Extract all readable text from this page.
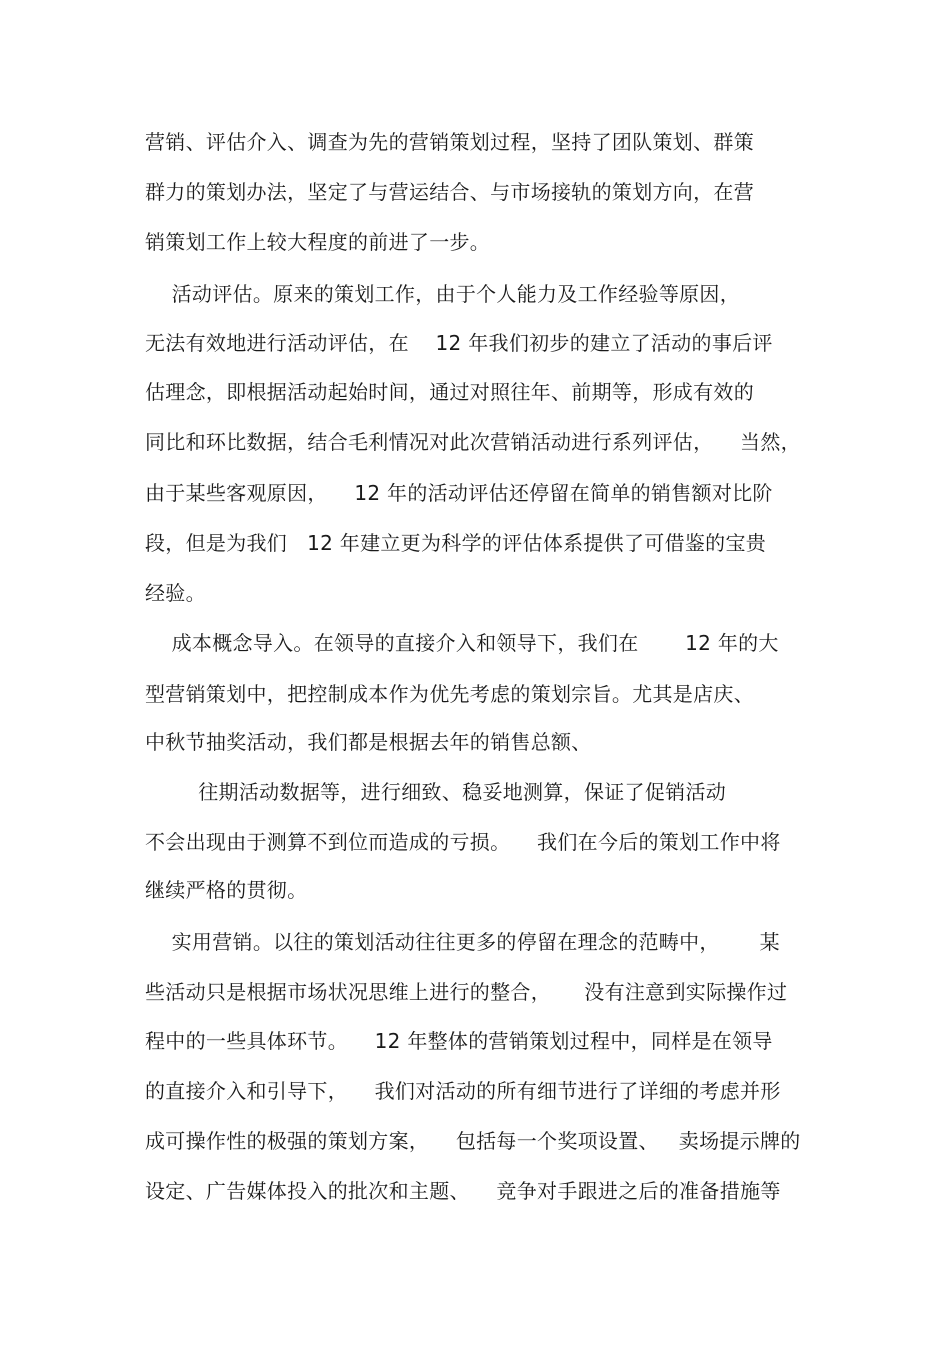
营销、评估介入、调查为先的营销策划过程，坚持了团队策划、群策
群力的策划办法，坚定了与营运结合、与市场接轨的策划方向，在营
销策划工作上较大程度的前进了一步。
活动评估。原来的策划工作，由于个人能力及工作经验等原因，
无法有效地进行活动评估，在    12 年我们初步的建立了活动的事后评
估理念，即根据活动起始时间，通过对照往年、前期等，形成有效的
同比和环比数据，结合毛利情况对此次营销活动进行系列评估，    当然，
由于某些客观原因，    12 年的活动评估还停留在简单的销售额对比阶
段，但是为我们   12 年建立更为科学的评估体系提供了可借鉴的宝贵
经验。
成本概念导入。在领导的直接介入和领导下，我们在       12 年的大
型营销策划中，把控制成本作为优先考虑的策划宗旨。尤其是店庆、
中秋节抽奖活动，我们都是根据去年的销售总额、
往期活动数据等，进行细致、稳妥地测算，保证了促销活动
不会出现由于测算不到位而造成的亏损。    我们在今后的策划工作中将
继续严格的贯彻。
实用营销。以往的策划活动往往更多的停留在理念的范畴中，      某
些活动只是根据市场状况思维上进行的整合，     没有注意到实际操作过
程中的一些具体环节。    12 年整体的营销策划过程中，同样是在领导
的直接介入和引导下，    我们对活动的所有细节进行了详细的考虑并形
成可操作性的极强的策划方案，    包括每一个奖项设置、   卖场提示牌的
设定、广告媒体投入的批次和主题、    竞争对手跟进之后的准备措施等
